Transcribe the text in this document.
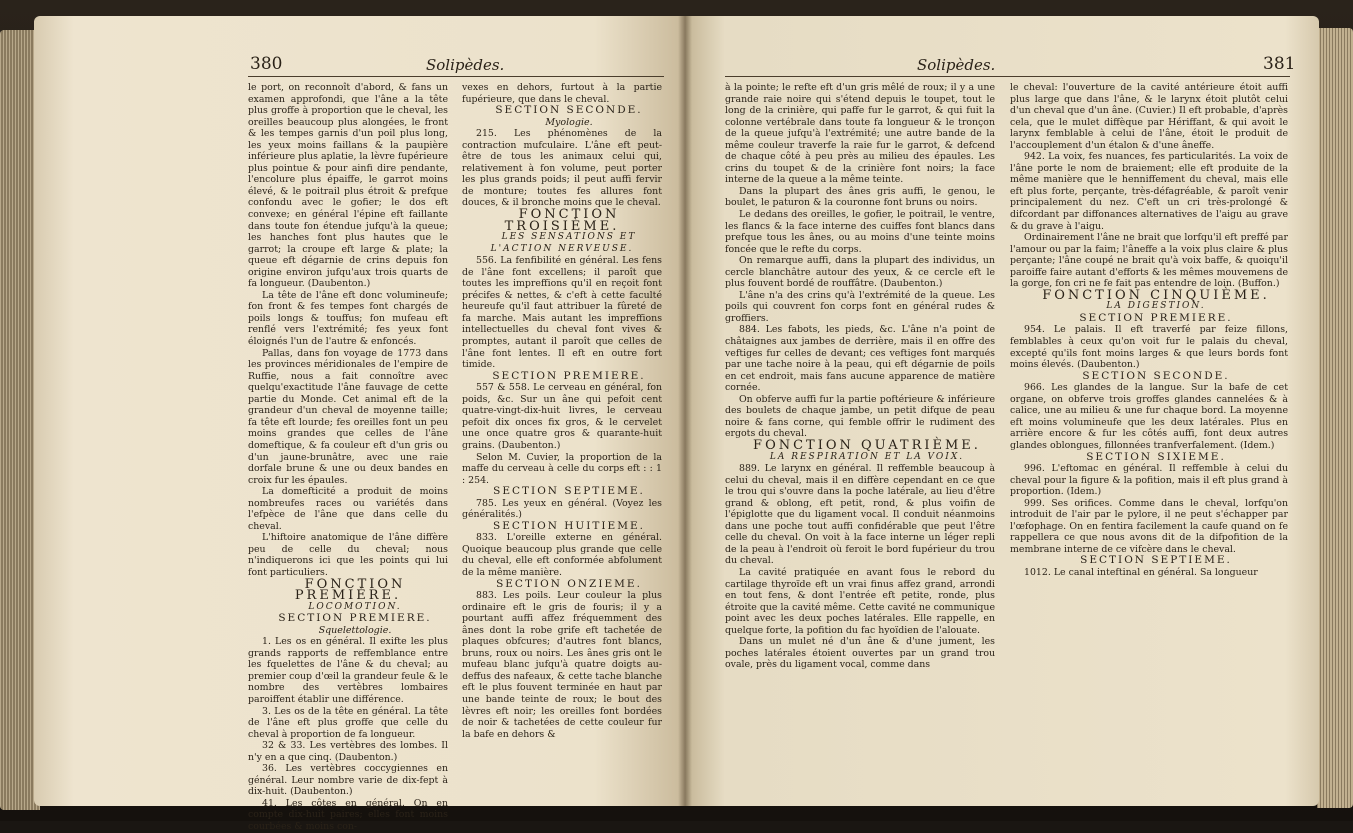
380	Solipèdes.

le port, on reconnoît d'abord, & fans un examen approfondi, que l'âne a la tête plus groffe à proportion que le cheval, les oreilles beaucoup plus alongées, le front & les tempes garnis d'un poil plus long, les yeux moins faillans & la paupière inférieure plus aplatie, la lèvre fupérieure plus pointue & pour ainfi dire pendante, l'encolure plus épaiffe, le garrot moins élevé, & le poitrail plus étroit & prefque confondu avec le gofier; le dos eft convexe; en général l'épine eft faillante dans toute fon étendue jufqu'à la queue; les hanches font plus hautes que le garrot; la croupe eft large & plate; la queue eft dégarnie de crins depuis fon origine environ jufqu'aux trois quarts de fa longueur. (Daubenton.)

La tête de l'âne eft donc volumineufe; fon front & fes tempes font chargés de poils longs & touffus; fon mufeau eft renflé vers l'extrémité; fes yeux font éloignés l'un de l'autre & enfoncés.

Pallas, dans fon voyage de 1773 dans les provinces méridionales de l'empire de Ruffie, nous a fait connoître avec quelqu'exactitude l'âne fauvage de cette partie du Monde. Cet animal eft de la grandeur d'un cheval de moyenne taille; fa tête eft lourde; fes oreilles font un peu moins grandes que celles de l'âne domeftique, & fa couleur eft d'un gris ou d'un jaune-brunâtre, avec une raie dorfale brune & une ou deux bandes en croix fur les épaules.

La domefticité a produit de moins nombreufes races ou variétés dans l'efpèce de l'âne que dans celle du cheval.

L'hiftoire anatomique de l'âne diffère peu de celle du cheval; nous n'indiquerons ici que les points qui lui font particuliers.

FONCTION PREMIÈRE.

LOCOMOTION.

SECTION PREMIERE.

Squelettologie.

1. Les os en général. Il exifte les plus grands rapports de reffemblance entre les fquelettes de l'âne & du cheval; au premier coup d'œil la grandeur feule & le nombre des vertèbres lombaires paroiffent établir une différence.

3. Les os de la tête en général. La tête de l'âne eft plus groffe que celle du cheval à proportion de fa longueur.

32 & 33. Les vertèbres des lombes. Il n'y en a que cinq. (Daubenton.)

36. Les vertèbres coccygiennes en général. Leur nombre varie de dix-fept à dix-huit. (Daubenton.)

41. Les côtes en général. On en compte dix-huit paires; elles font moins courbées & moins con-

vexes en dehors, furtout à la partie fupérieure, que dans le cheval.

SECTION SECONDE.

Myologie.

215. Les phénomènes de la contraction mufculaire. L'âne eft peut-être de tous les animaux celui qui, relativement à fon volume, peut porter les plus grands poids; il peut auffi fervir de monture; toutes fes allures font douces, & il bronche moins que le cheval.

FONCTION TROISIÈME.

LES SENSATIONS ET L'ACTION NERVEUSE.

556. La fenfibilité en général. Les fens de l'âne font excellens; il paroît que toutes les impreffions qu'il en reçoit font précifes & nettes, & c'eft à cette faculté heureufe qu'il faut attribuer la fûreté de fa marche. Mais autant les impreffions intellectuelles du cheval font vives & promptes, autant il paroît que celles de l'âne font lentes. Il eft en outre fort timide.

SECTION PREMIERE.

557 & 558. Le cerveau en général, fon poids, &c. Sur un âne qui pefoit cent quatre-vingt-dix-huit livres, le cerveau pefoit dix onces fix gros, & le cervelet une once quatre gros & quarante-huit grains. (Daubenton.)

Selon M. Cuvier, la proportion de la maffe du cerveau à celle du corps eft : : 1 : 254.

SECTION SEPTIEME.

785. Les yeux en général. (Voyez les généralités.)

SECTION HUITIEME.

833. L'oreille externe en général. Quoique beaucoup plus grande que celle du cheval, elle eft conformée abfolument de la même manière.

SECTION ONZIEME.

883. Les poils. Leur couleur la plus ordinaire eft le gris de fouris; il y a pourtant auffi affez fréquemment des ânes dont la robe grife eft tachetée de plaques obfcures; d'autres font blancs, bruns, roux ou noirs. Les ânes gris ont le mufeau blanc jufqu'à quatre doigts au-deffus des nafeaux, & cette tache blanche eft le plus fouvent terminée en haut par une bande teinte de roux; le bout des lèvres eft noir; les oreilles font bordées de noir & tachetées de cette couleur fur la bafe en dehors &

Solipèdes.	381

à la pointe; le refte eft d'un gris mêlé de roux; il y a une grande raie noire qui s'étend depuis le toupet, tout le long de la crinière, qui paffe fur le garrot, & qui fuit la colonne vertébrale dans toute fa longueur & le tronçon de la queue jufqu'à l'extrémité; une autre bande de la même couleur traverfe la raie fur le garrot, & defcend de chaque côté à peu près au milieu des épaules. Les crins du toupet & de la crinière font noirs; la face interne de la queue a la même teinte.

Dans la plupart des ânes gris auffi, le genou, le boulet, le paturon & la couronne font bruns ou noirs.

Le dedans des oreilles, le gofier, le poitrail, le ventre, les flancs & la face interne des cuiffes font blancs dans prefque tous les ânes, ou au moins d'une teinte moins foncée que le refte du corps.

On remarque auffi, dans la plupart des individus, un cercle blanchâtre autour des yeux, & ce cercle eft le plus fouvent bordé de rouffâtre. (Daubenton.)

L'âne n'a des crins qu'à l'extrémité de la queue. Les poils qui couvrent fon corps font en général rudes & groffiers.

884. Les fabots, les pieds, &c. L'âne n'a point de châtaignes aux jambes de derrière, mais il en offre des veftiges fur celles de devant; ces veftiges font marqués par une tache noire à la peau, qui eft dégarnie de poils en cet endroit, mais fans aucune apparence de matière cornée.

On obferve auffi fur la partie poftérieure & inférieure des boulets de chaque jambe, un petit difque de peau noire & fans corne, qui femble offrir le rudiment des ergots du cheval.

FONCTION QUATRIÈME.

LA RESPIRATION ET LA VOIX.

889. Le larynx en général. Il reffemble beaucoup à celui du cheval, mais il en diffère cependant en ce que le trou qui s'ouvre dans la poche latérale, au lieu d'être grand & oblong, eft petit, rond, & plus voifin de l'épiglotte que du ligament vocal. Il conduit néanmoins dans une poche tout auffi confidérable que peut l'être celle du cheval. On voit à la face interne un léger repli de la peau à l'endroit où feroit le bord fupérieur du trou du cheval.

La cavité pratiquée en avant fous le rebord du cartilage thyroïde eft un vrai finus affez grand, arrondi en tout fens, & dont l'entrée eft petite, ronde, plus étroite que la cavité même. Cette cavité ne communique point avec les deux poches latérales. Elle rappelle, en quelque forte, la pofition du fac hyoïdien de l'alouate.

Dans un mulet né d'un âne & d'une jument, les poches latérales étoient ouvertes par un grand trou ovale, près du ligament vocal, comme dans

le cheval: l'ouverture de la cavité antérieure étoit auffi plus large que dans l'âne, & le larynx étoit plutôt celui d'un cheval que d'un âne. (Cuvier.) Il eft probable, d'après cela, que le mulet diffèque par Hériffant, & qui avoit le larynx femblable à celui de l'âne, étoit le produit de l'accouplement d'un étalon & d'une âneffe.

942. La voix, fes nuances, fes particularités. La voix de l'âne porte le nom de braiement; elle eft produite de la même manière que le henniffement du cheval, mais elle eft plus forte, perçante, très-défagréable, & paroît venir principalement du nez. C'eft un cri très-prolongé & difcordant par diffonances alternatives de l'aigu au grave & du grave à l'aigu.

Ordinairement l'âne ne brait que lorfqu'il eft preffé par l'amour ou par la faim; l'âneffe a la voix plus claire & plus perçante; l'âne coupé ne brait qu'à voix baffe, & quoiqu'il paroiffe faire autant d'efforts & les mêmes mouvemens de la gorge, fon cri ne fe fait pas entendre de loin. (Buffon.)

FONCTION CINQUIÈME.

LA DIGESTION.

SECTION PREMIERE.

954. Le palais. Il eft traverfé par feize fillons, femblables à ceux qu'on voit fur le palais du cheval, excepté qu'ils font moins larges & que leurs bords font moins élevés. (Daubenton.)

SECTION SECONDE.

966. Les glandes de la langue. Sur la bafe de cet organe, on obferve trois groffes glandes cannelées & à calice, une au milieu & une fur chaque bord. La moyenne eft moins volumineufe que les deux latérales. Plus en arrière encore & fur les côtés auffi, font deux autres glandes oblongues, fillonnées tranfverfalement. (Idem.)

SECTION SIXIEME.

996. L'eftomac en général. Il reffemble à celui du cheval pour la figure & la pofition, mais il eft plus grand à proportion. (Idem.)

999. Ses orifices. Comme dans le cheval, lorfqu'on introduit de l'air par le pylore, il ne peut s'échapper par l'œfophage. On en fentira facilement la caufe quand on fe rappellera ce que nous avons dit de la difpofition de la membrane interne de ce vifcère dans le cheval.

SECTION SEPTIEME.

1012. Le canal inteftinal en général. Sa longueur
